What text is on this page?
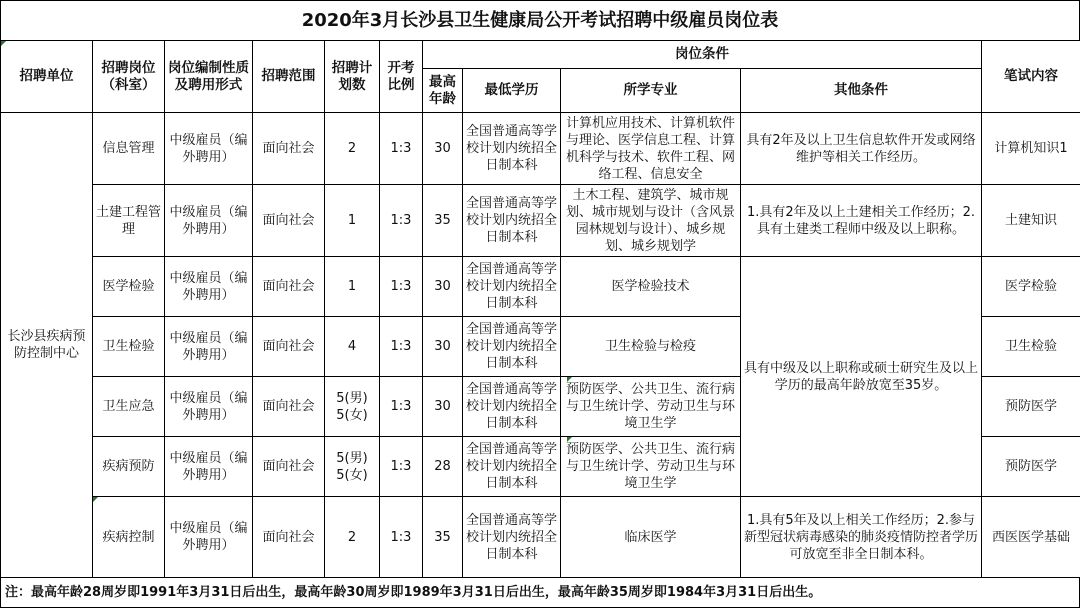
2020年3月长沙县卫生健康局公开考试招聘中级雇员岗位表
招聘单位	招聘岗位（科室）	岗位编制性质及聘用形式	招聘范围	招聘计划数	开考比例	岗位条件				笔试内容
						最高年龄	最低学历	所学专业	其他条件	
长沙县疾病预防控制中心	信息管理	中级雇员（编外聘用）	面向社会	2	1:3	30	全国普通高等学校计划内统招全日制本科	计算机应用技术、计算机软件与理论、医学信息工程、计算机科学与技术、软件工程、网络工程、信息安全	具有2年及以上卫生信息软件开发或网络维护等相关工作经历。	计算机知识1
	土建工程管理	中级雇员（编外聘用）	面向社会	1	1:3	35	全国普通高等学校计划内统招全日制本科	土木工程、建筑学、城市规划、城市规划与设计（含风景园林规划与设计）、城乡规划、城乡规划学	1.具有2年及以上土建相关工作经历；2.具有土建类工程师中级及以上职称。	土建知识
	医学检验	中级雇员（编外聘用）	面向社会	1	1:3	30	全国普通高等学校计划内统招全日制本科	医学检验技术	具有中级及以上职称或硕士研究生及以上学历的最高年龄放宽至35岁。	医学检验
	卫生检验	中级雇员（编外聘用）	面向社会	4	1:3	30	全国普通高等学校计划内统招全日制本科	卫生检验与检疫		卫生检验
	卫生应急	中级雇员（编外聘用）	面向社会	5(男) 5(女)	1:3	30	全国普通高等学校计划内统招全日制本科	预防医学、公共卫生、流行病与卫生统计学、劳动卫生与环境卫生学		预防医学
	疾病预防	中级雇员（编外聘用）	面向社会	5(男) 5(女)	1:3	28	全国普通高等学校计划内统招全日制本科	预防医学、公共卫生、流行病与卫生统计学、劳动卫生与环境卫生学		预防医学
	疾病控制	中级雇员（编外聘用）	面向社会	2	1:3	35	全国普通高等学校计划内统招全日制本科	临床医学	1.具有5年及以上相关工作经历；2.参与新型冠状病毒感染的肺炎疫情防控者学历可放宽至非全日制本科。	西医医学基础
注：最高年龄28周岁即1991年3月31日后出生，最高年龄30周岁即1989年3月31日后出生，最高年龄35周岁即1984年3月31日后出生。
